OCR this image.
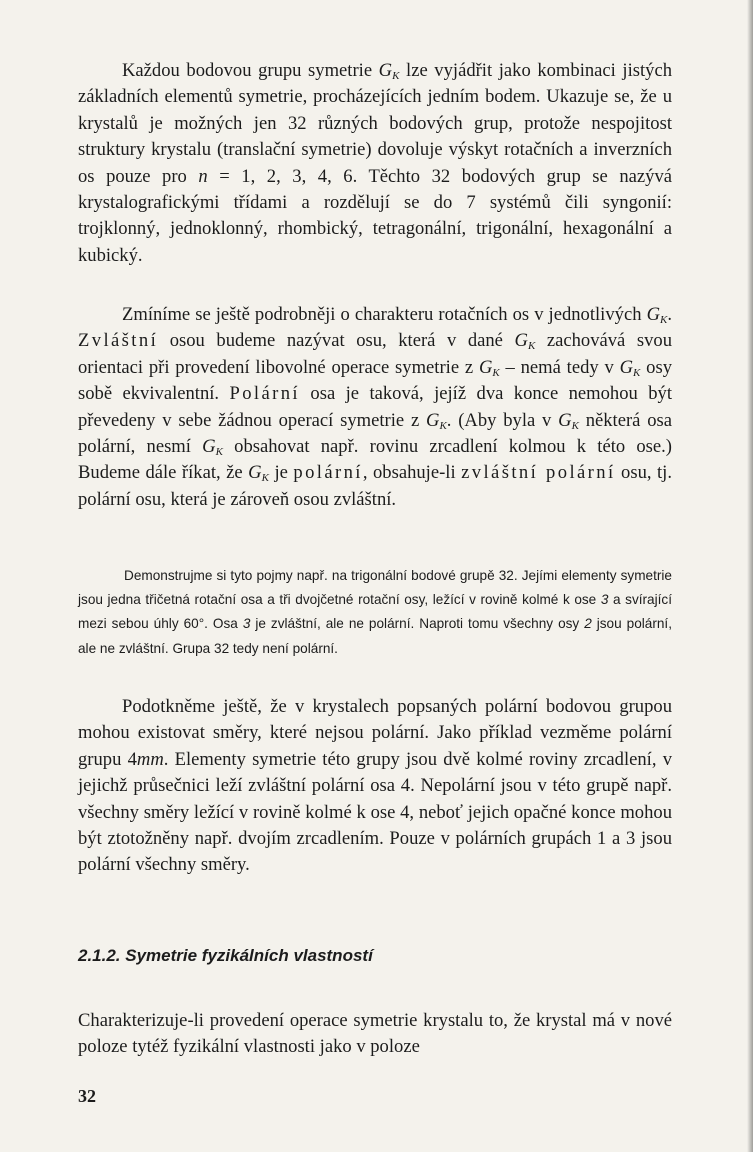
Každou bodovou grupu symetrie $G_K$ lze vyjádřit jako kombinaci jistých základních elementů symetrie, procházejících jedním bodem. Ukazuje se, že u krystalů je možných jen 32 různých bodových grup, protože nespojitost struktury krystalu (translační symetrie) dovoluje výskyt rotačních a inverzních os pouze pro n = 1, 2, 3, 4, 6. Těchto 32 bodových grup se nazývá krystalografickými třídami a rozdělují se do 7 systémů čili syngonií: trojklonný, jednoklonný, rhombický, tetragonální, trigonální, hexagonální a kubický.
Zmíníme se ještě podrobněji o charakteru rotačních os v jednotlivých $G_K$. Zvláštní osou budeme nazývat osu, která v dané $G_K$ zachovává svou orientaci při provedení libovolné operace symetrie z $G_K$ – nemá tedy v $G_K$ osy sobě ekvivalentní. Polární osa je taková, jejíž dva konce nemohou být převedeny v sebe žádnou operací symetrie z $G_K$. (Aby byla v $G_K$ některá osa polární, nesmí $G_K$ obsahovat např. rovinu zrcadlení kolmou k této ose.) Budeme dále říkat, že $G_K$ je polární, obsahuje-li zvláštní polární osu, tj. polární osu, která je zároveň osou zvláštní.
Demonstrujme si tyto pojmy např. na trigonální bodové grupě 32. Jejími elementy symetrie jsou jedna třičetná rotační osa a tři dvojčetné rotační osy, ležící v rovině kolmé k ose 3 a svírající mezi sebou úhly 60°. Osa 3 je zvláštní, ale ne polární. Naproti tomu všechny osy 2 jsou polární, ale ne zvláštní. Grupa 32 tedy není polární.
Podotkněme ještě, že v krystalech popsaných polární bodovou grupou mohou existovat směry, které nejsou polární. Jako příklad vezměme polární grupu 4mm. Elementy symetrie této grupy jsou dvě kolmé roviny zrcadlení, v jejichž průsečnici leží zvláštní polární osa 4. Nepolární jsou v této grupě např. všechny směry ležící v rovině kolmé k ose 4, neboť jejich opačné konce mohou být ztotožněny např. dvojím zrcadlením. Pouze v polárních grupách 1 a 3 jsou polární všechny směry.
2.1.2. Symetrie fyzikálních vlastností
Charakterizuje-li provedení operace symetrie krystalu to, že krystal má v nové poloze tytéž fyzikální vlastnosti jako v poloze
32
